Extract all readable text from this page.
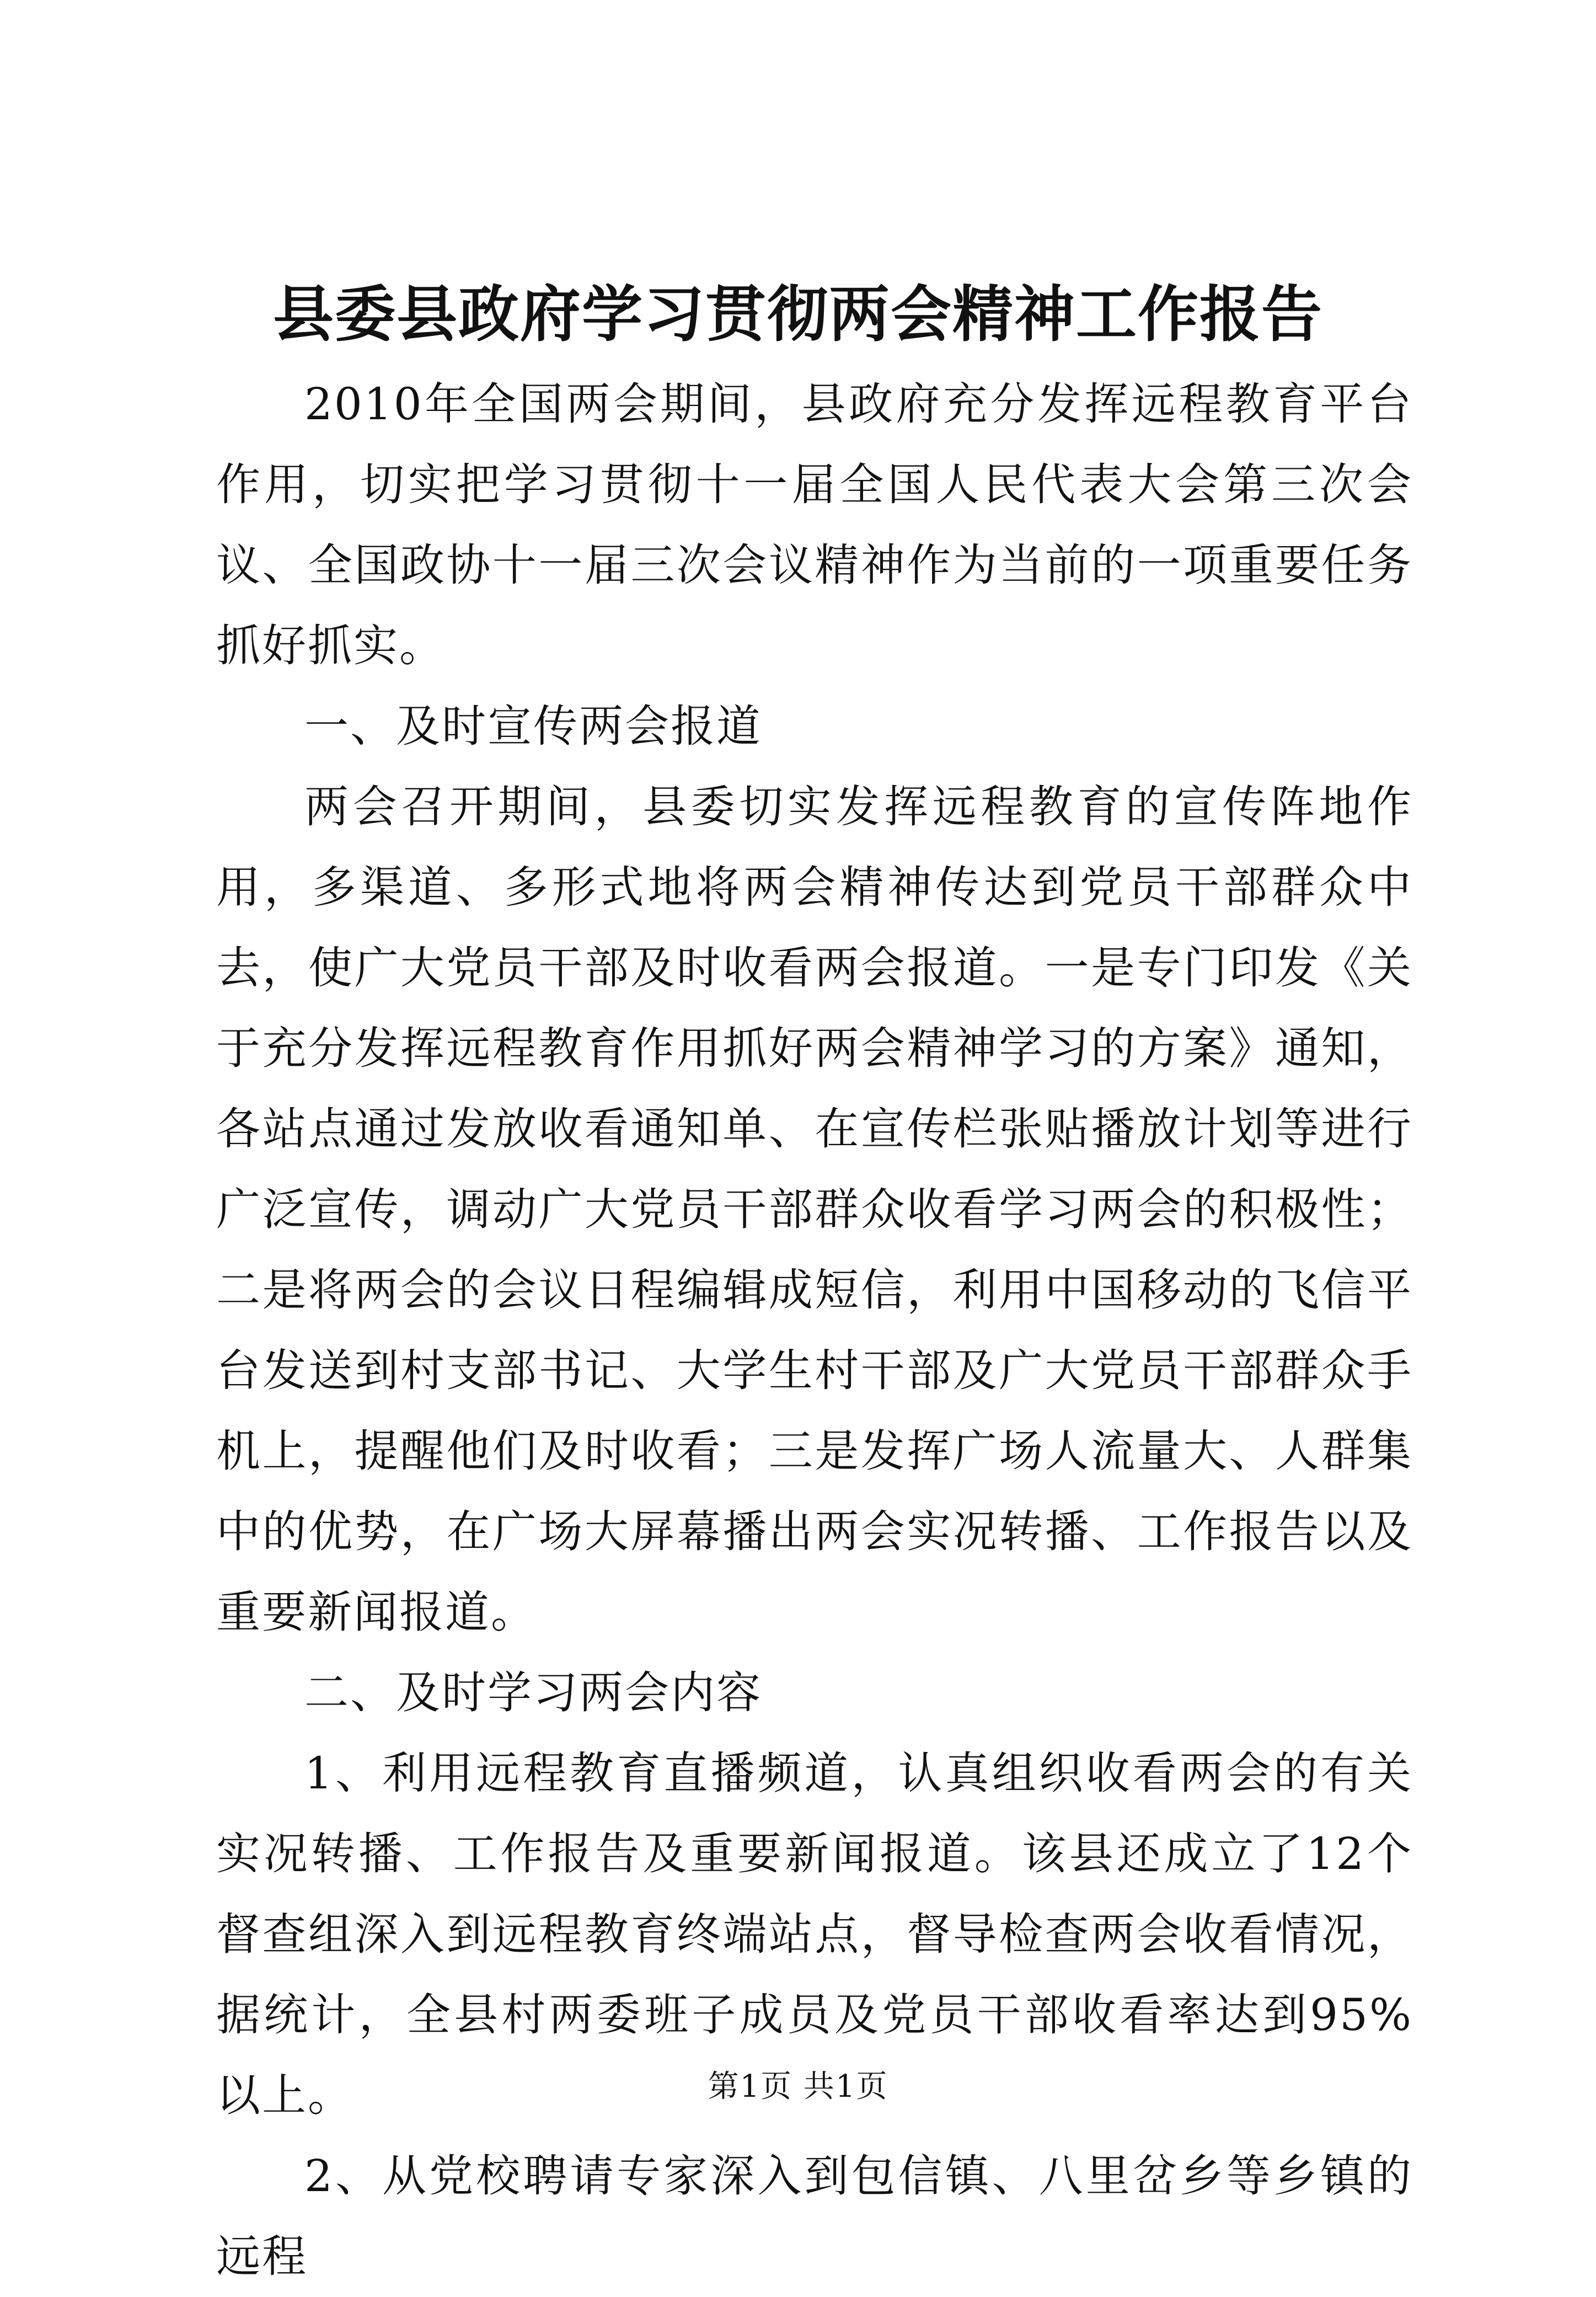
县委县政府学习贯彻两会精神工作报告

2010年全国两会期间，县政府充分发挥远程教育平台作用，切实把学习贯彻十一届全国人民代表大会第三次会议、全国政协十一届三次会议精神作为当前的一项重要任务抓好抓实。

一、及时宣传两会报道

两会召开期间，县委切实发挥远程教育的宣传阵地作用，多渠道、多形式地将两会精神传达到党员干部群众中去，使广大党员干部及时收看两会报道。一是专门印发《关于充分发挥远程教育作用抓好两会精神学习的方案》通知，各站点通过发放收看通知单、在宣传栏张贴播放计划等进行广泛宣传，调动广大党员干部群众收看学习两会的积极性；二是将两会的会议日程编辑成短信，利用中国移动的飞信平台发送到村支部书记、大学生村干部及广大党员干部群众手机上，提醒他们及时收看；三是发挥广场人流量大、人群集中的优势，在广场大屏幕播出两会实况转播、工作报告以及重要新闻报道。

二、及时学习两会内容

1、利用远程教育直播频道，认真组织收看两会的有关实况转播、工作报告及重要新闻报道。该县还成立了12个督查组深入到远程教育终端站点，督导检查两会收看情况，据统计，全县村两委班子成员及党员干部收看率达到95%以上。

2、从党校聘请专家深入到包信镇、八里岔乡等乡镇的远程

第1页 共1页
